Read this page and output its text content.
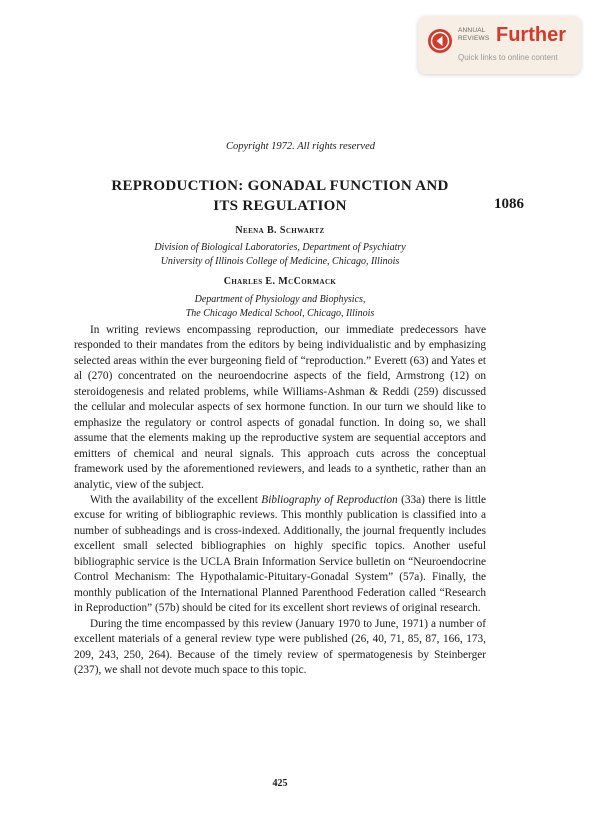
ANNUAL
REVIEWS Further
Quick links to online content
Copyright 1972. All rights reserved
REPRODUCTION: GONADAL FUNCTION AND
ITS REGULATION	1086
Neena B. Schwartz
Division of Biological Laboratories, Department of Psychiatry
University of Illinois College of Medicine, Chicago, Illinois
Charles E. McCormack
Department of Physiology and Biophysics,
The Chicago Medical School, Chicago, Illinois

In writing reviews encompassing reproduction, our immediate predecessors have responded to their mandates from the editors by being individualistic and by emphasizing selected areas within the ever burgeoning field of “reproduction.” Everett (63) and Yates et al (270) concentrated on the neuroendocrine aspects of the field, Armstrong (12) on steroidogenesis and related problems, while Williams-Ashman & Reddi (259) discussed the cellular and molecular aspects of sex hormone function. In our turn we should like to emphasize the regulatory or control aspects of gonadal function. In doing so, we shall assume that the elements making up the reproductive system are sequential acceptors and emitters of chemical and neural signals. This approach cuts across the conceptual framework used by the aforementioned reviewers, and leads to a synthetic, rather than an analytic, view of the subject.

With the availability of the excellent Bibliography of Reproduction (33a) there is little excuse for writing of bibliographic reviews. This monthly publication is classified into a number of subheadings and is cross-indexed. Additionally, the journal frequently includes excellent small selected bibliographies on highly specific topics. Another useful bibliographic service is the UCLA Brain Information Service bulletin on “Neuroendocrine Control Mechanism: The Hypothalamic-Pituitary-Gonadal System” (57a). Finally, the monthly publication of the International Planned Parenthood Federation called “Research in Reproduction” (57b) should be cited for its excellent short reviews of original research.

During the time encompassed by this review (January 1970 to June, 1971) a number of excellent materials of a general review type were published (26, 40, 71, 85, 87, 166, 173, 209, 243, 250, 264). Because of the timely review of spermatogenesis by Steinberger (237), we shall not devote much space to this topic.

425
